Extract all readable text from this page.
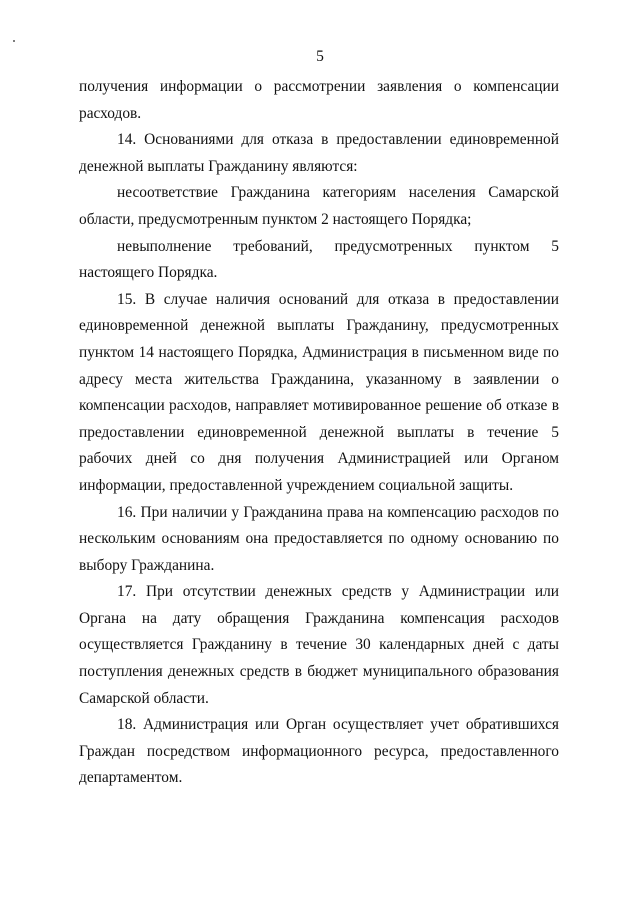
5

получения информации о рассмотрении заявления о компенсации расходов.

14. Основаниями для отказа в предоставлении единовременной денежной выплаты Гражданину являются:

несоответствие Гражданина категориям населения Самарской области, предусмотренным пунктом 2 настоящего Порядка;

невыполнение требований, предусмотренных пунктом 5 настоящего Порядка.

15. В случае наличия оснований для отказа в предоставлении единовременной денежной выплаты Гражданину, предусмотренных пунктом 14 настоящего Порядка, Администрация в письменном виде по адресу места жительства Гражданина, указанному в заявлении о компенсации расходов, направляет мотивированное решение об отказе в предоставлении единовременной денежной выплаты в течение 5 рабочих дней со дня получения Администрацией или Органом информации, предоставленной учреждением социальной защиты.

16. При наличии у Гражданина права на компенсацию расходов по нескольким основаниям она предоставляется по одному основанию по выбору Гражданина.

17. При отсутствии денежных средств у Администрации или Органа на дату обращения Гражданина компенсация расходов осуществляется Гражданину в течение 30 календарных дней с даты поступления денежных средств в бюджет муниципального образования Самарской области.

18. Администрация или Орган осуществляет учет обратившихся Граждан посредством информационного ресурса, предоставленного департаментом.
